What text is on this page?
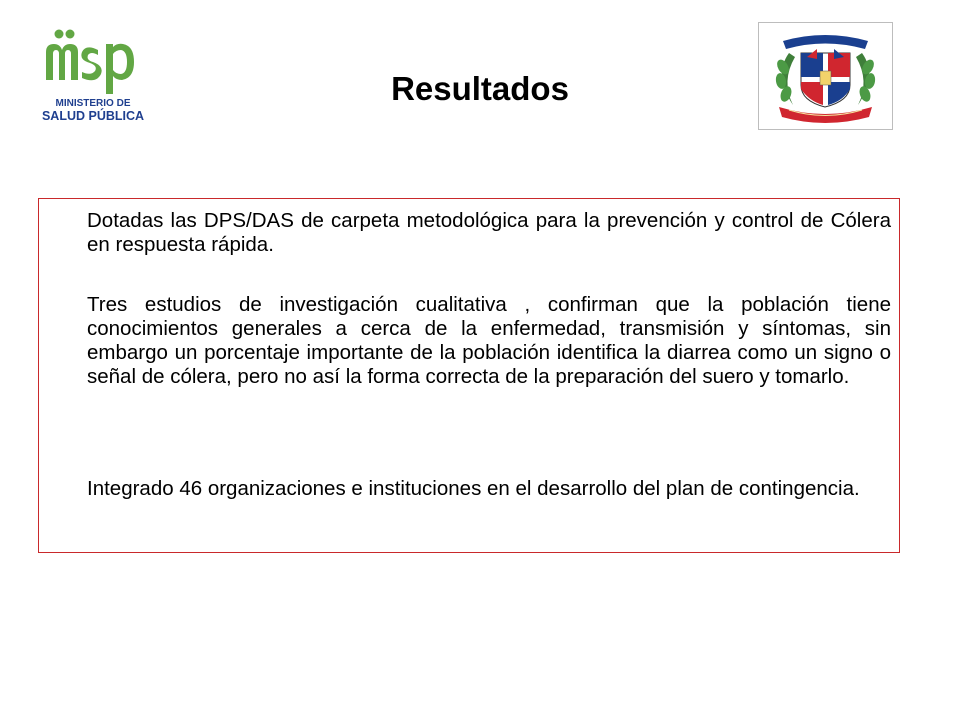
MINISTERIO DE
SALUD PÚBLICA
Resultados

Dotadas las DPS/DAS de carpeta metodológica para la prevención y control de Cólera en respuesta rápida.

Tres estudios de investigación cualitativa , confirman que la población tiene conocimientos generales a cerca de la enfermedad, transmisión y síntomas, sin embargo un porcentaje importante de la población identifica la diarrea como un signo o señal de cólera, pero no así la forma correcta de la preparación del suero y tomarlo.

Integrado 46 organizaciones e instituciones en el desarrollo del plan de contingencia.
